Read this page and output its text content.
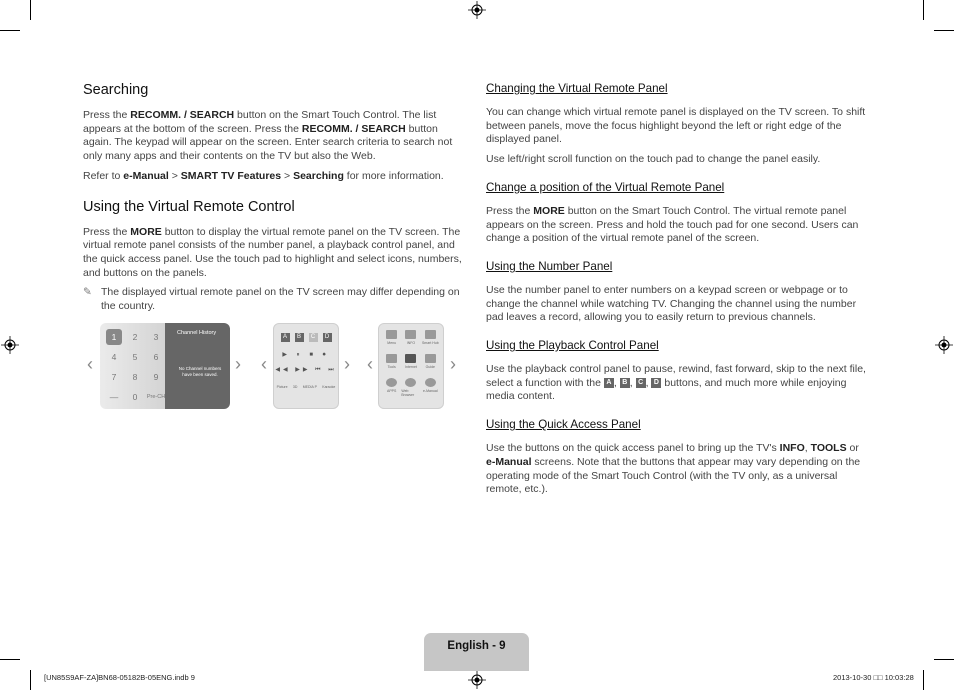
Searching

Press the RECOMM. / SEARCH button on the Smart Touch Control. The list appears at the bottom of the screen. Press the RECOMM. / SEARCH button again. The keypad will appear on the screen. Enter search criteria to search not only many apps and their contents on the TV but also the Web.

Refer to e-Manual > SMART TV Features > Searching for more information.

Using the Virtual Remote Control

Press the MORE button to display the virtual remote panel on the TV screen. The virtual remote panel consists of the number panel, a playback control panel, and the quick access panel. Use the touch pad to highlight and select icons, numbers, and buttons on the panels.

✎ The displayed virtual remote panel on the TV screen may differ depending on the country.
‹
1	2	3
4	5	6
7	8	9
—	0	Pre-CH
Channel History
No Channel numbers have been saved.
› ‹
A	B	C	D
▶ ⏸ ■ ⏺
◀◀ ▶▶ ⏮ ⏭
Picture 3D MEDIA P Karaoke
› ‹
Menu	INFO Smart Hub
Tools	Internet Guide
APPS Web Browser
e-Manual
›
Changing the Virtual Remote Panel

You can change which virtual remote panel is displayed on the TV screen. To shift between panels, move the focus highlight beyond the left or right edge of the displayed panel.

Use left/right scroll function on the touch pad to change the panel easily.

Change a position of the Virtual Remote Panel

Press the MORE button on the Smart Touch Control. The virtual remote panel appears on the screen. Press and hold the touch pad for one second. Users can change a position of the virtual remote panel of the screen.

Using the Number Panel

Use the number panel to enter numbers on a keypad screen or webpage or to change the channel while watching TV. Changing the channel using the number pad leaves a record, allowing you to easily return to previous channels.

Using the Playback Control Panel

Use the playback control panel to pause, rewind, fast forward, skip to the next file, select a function with the A , B , C , D buttons, and much more while enjoying media content.

Using the Quick Access Panel

Use the buttons on the quick access panel to bring up the TV's INFO, TOOLS or e-Manual screens. Note that the buttons that appear may vary depending on the operating mode of the Smart Touch Control (with the TV only, as a universal remote, etc.).

English - 9
[UN85S9AF-ZA]BN68-05182B-05ENG.indb 9	2013-10-30 □□ 10:03:28
